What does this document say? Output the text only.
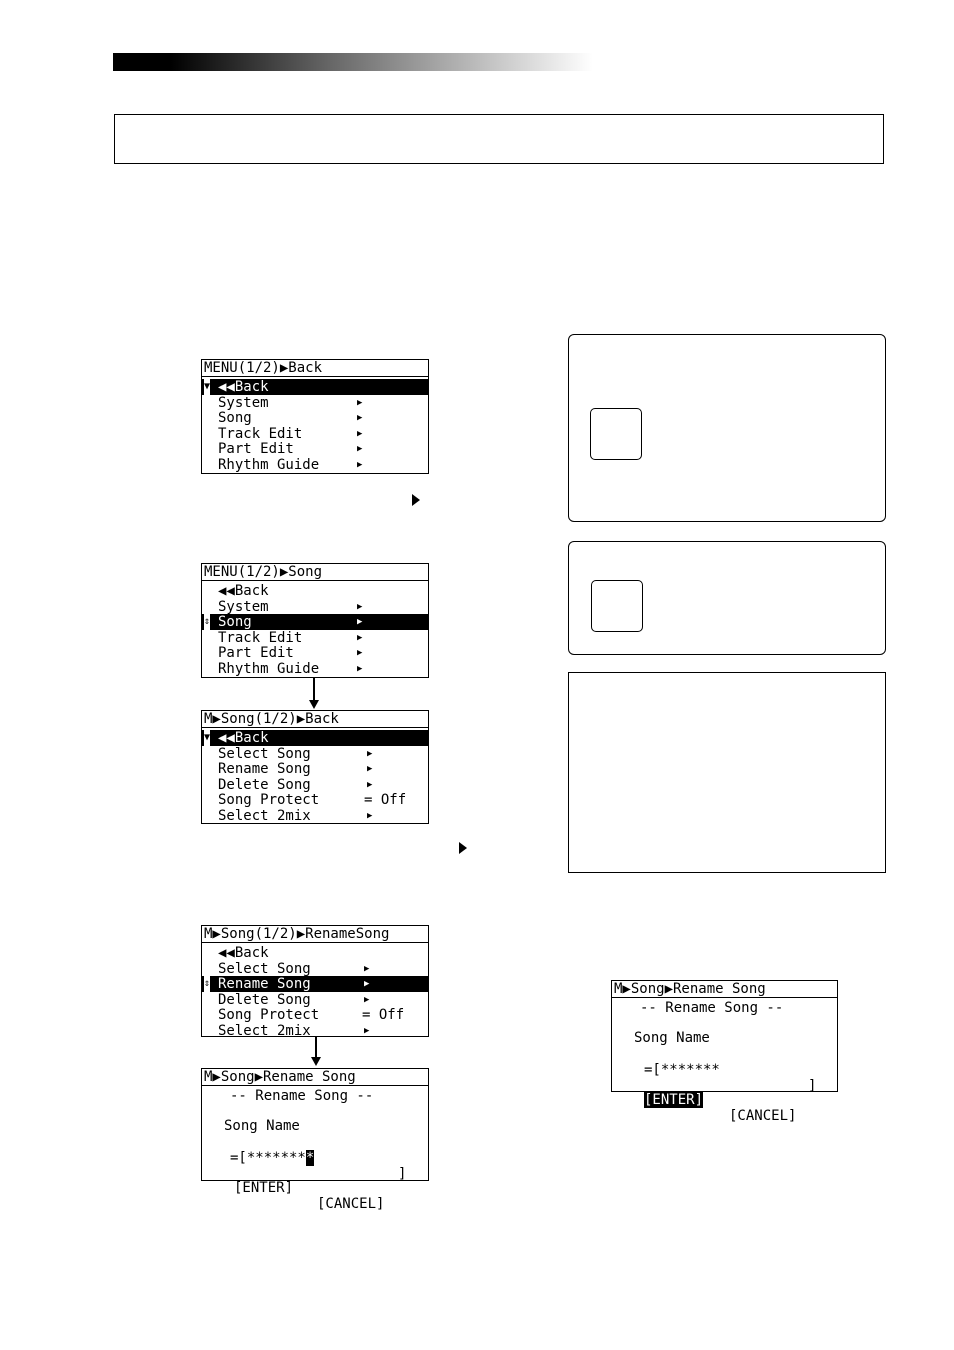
MENU(1/2)▶Back
▼ ◀◀Back
System	▶
Song	▶
Track Edit	▶
Part Edit	▶
Rhythm Guide	▶
MENU(1/2)▶Song
◀◀Back
System	▶
⇕ Song	▶
Track Edit	▶
Part Edit	▶
Rhythm Guide	▶
M▶Song(1/2)▶Back
▼ ◀◀Back
Select Song	▶
Rename Song	▶
Delete Song	▶
Song Protect	= Off
Select 2mix	▶
M▶Song(1/2)▶RenameSong
◀◀Back
Select Song	▶
⇕ Rename Song	▶
Delete Song	▶
Song Protect	= Off
Select 2mix	▶
M▶Song▶Rename Song
-- Rename Song --
Song Name

=[********

]

[ENTER]

[CANCEL]

M▶Song▶Rename Song
-- Rename Song --
Song Name

=[*******

]

[ENTER]

[CANCEL]
